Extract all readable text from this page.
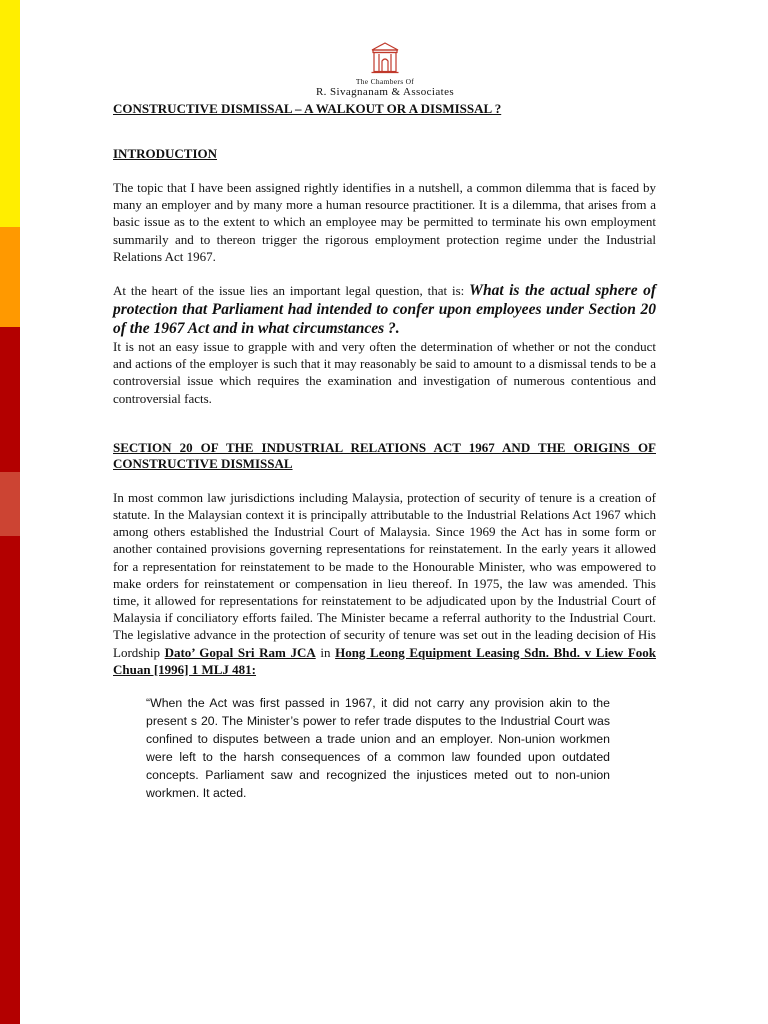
The Chambers Of
R. Sivagnanam & Associates
CONSTRUCTIVE DISMISSAL – A WALKOUT OR A DISMISSAL ?
INTRODUCTION

The topic that I have been assigned rightly identifies in a nutshell, a common dilemma that is faced by many an employer and by many more a human resource practitioner. It is a dilemma, that arises from a basic issue as to the extent to which an employee may be permitted to terminate his own employment summarily and to thereon trigger the rigorous employment protection regime under the Industrial Relations Act 1967.

At the heart of the issue lies an important legal question, that is: What is the actual sphere of protection that Parliament had intended to confer upon employees under Section 20 of the 1967 Act and in what circumstances ?.

It is not an easy issue to grapple with and very often the determination of whether or not the conduct and actions of the employer is such that it may reasonably be said to amount to a dismissal tends to be a controversial issue which requires the examination and investigation of numerous contentious and controversial facts.

SECTION 20 OF THE INDUSTRIAL RELATIONS ACT 1967 AND THE ORIGINS OF CONSTRUCTIVE DISMISSAL

In most common law jurisdictions including Malaysia, protection of security of tenure is a creation of statute. In the Malaysian context it is principally attributable to the Industrial Relations Act 1967 which among others established the Industrial Court of Malaysia. Since 1969 the Act has in some form or another contained provisions governing representations for reinstatement. In the early years it allowed for a representation for reinstatement to be made to the Honourable Minister, who was empowered to make orders for reinstatement or compensation in lieu thereof. In 1975, the law was amended. This time, it allowed for representations for reinstatement to be adjudicated upon by the Industrial Court of Malaysia if conciliatory efforts failed. The Minister became a referral authority to the Industrial Court. The legislative advance in the protection of security of tenure was set out in the leading decision of His Lordship Dato’ Gopal Sri Ram JCA in Hong Leong Equipment Leasing Sdn. Bhd. v Liew Fook Chuan [1996] 1 MLJ 481:

“When the Act was first passed in 1967, it did not carry any provision akin to the present s 20. The Minister’s power to refer trade disputes to the Industrial Court was confined to disputes between a trade union and an employer. Non-union workmen were left to the harsh consequences of a common law founded upon outdated concepts. Parliament saw and recognized the injustices meted out to non-union workmen. It acted.
